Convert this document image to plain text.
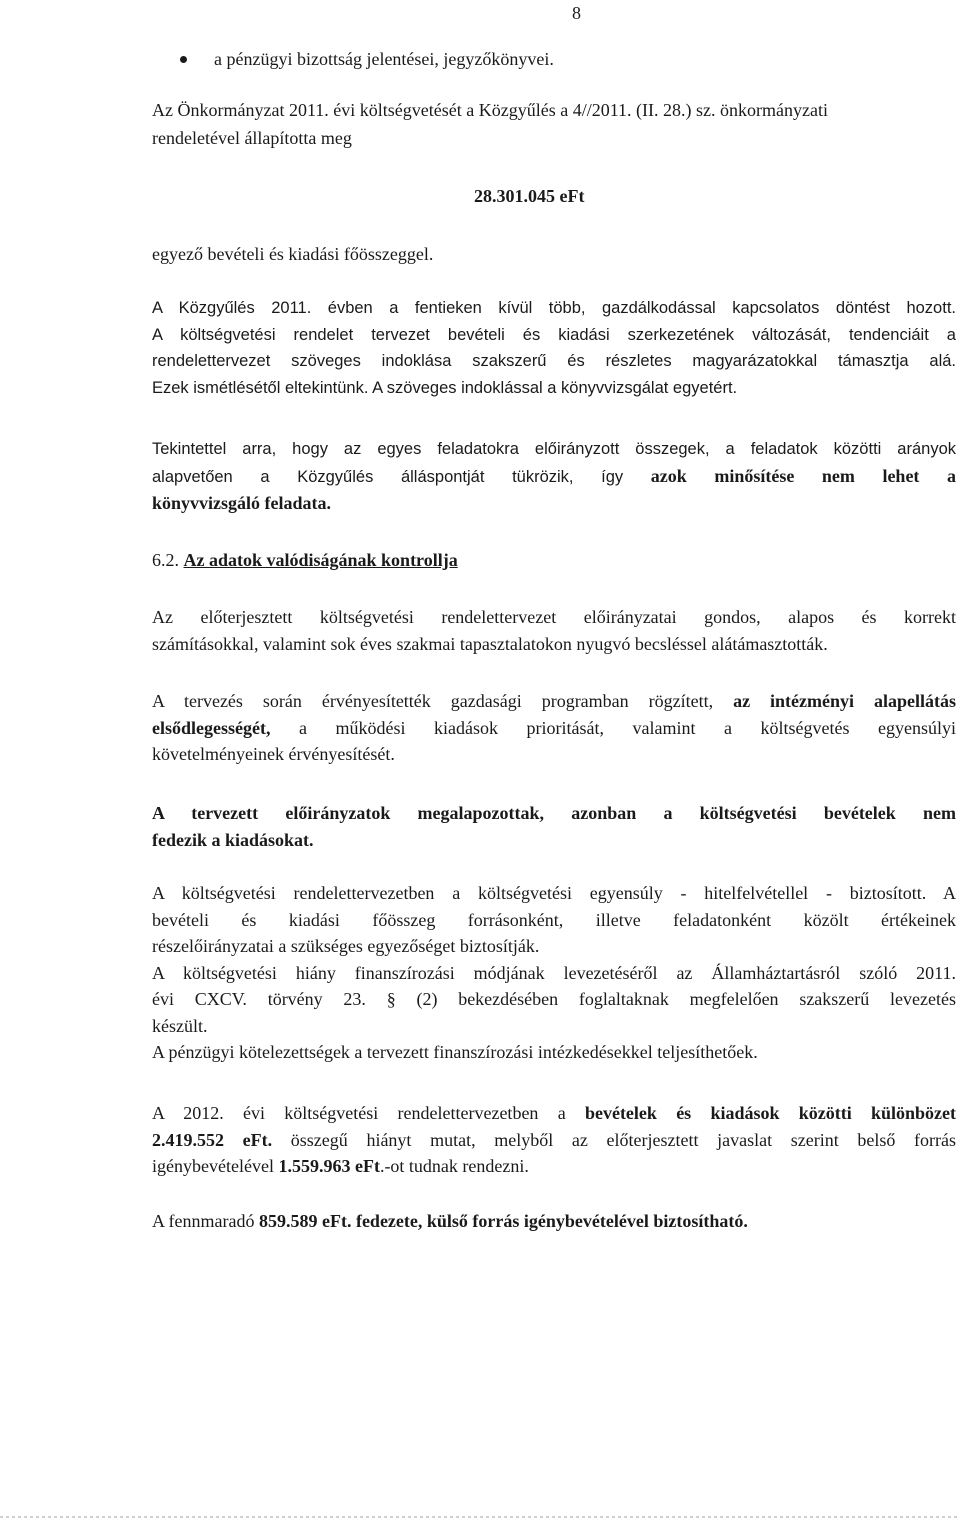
8
a pénzügyi bizottság jelentései, jegyzőkönyvei.
Az Önkormányzat 2011. évi költségvetését a Közgyűlés a 4//2011. (II. 28.) sz. önkormányzati
rendeletével állapította meg
28.301.045 eFt
egyező bevételi és kiadási főösszeggel.
A Közgyűlés 2011. évben a fentieken kívül több, gazdálkodással kapcsolatos döntést hozott.
A költségvetési rendelet tervezet bevételi és kiadási szerkezetének változását, tendenciáit a
rendelettervezet szöveges indoklása szakszerű és részletes magyarázatokkal támasztja alá.
Ezek ismétlésétől eltekintünk. A szöveges indoklással a könyvvizsgálat egyetért.
Tekintettel arra, hogy az egyes feladatokra előirányzott összegek, a feladatok közötti arányok
alapvetően a Közgyűlés álláspontját tükrözik, így azok minősítése nem lehet a
könyvvizsgáló feladata.
6.2. Az adatok valódiságának kontrollja
Az előterjesztett költségvetési rendelettervezet előirányzatai gondos, alapos és korrekt
számításokkal, valamint sok éves szakmai tapasztalatokon nyugvó becsléssel alátámasztották.
A tervezés során érvényesítették gazdasági programban rögzített, az intézményi alapellátás
elsődlegességét, a működési kiadások prioritását, valamint a költségvetés egyensúlyi
követelményeinek érvényesítését.
A tervezett előirányzatok megalapozottak, azonban a költségvetési bevételek nem
fedezik a kiadásokat.
A költségvetési rendelettervezetben a költségvetési egyensúly - hitelfelvétellel - biztosított. A
bevételi és kiadási főösszeg forrásonként, illetve feladatonként közölt értékeinek
részelőirányzatai a szükséges egyezőséget biztosítják.
A költségvetési hiány finanszírozási módjának levezetéséről az Államháztartásról szóló 2011.
évi CXCV. törvény 23. § (2) bekezdésében foglaltaknak megfelelően szakszerű levezetés
készült.
A pénzügyi kötelezettségek a tervezett finanszírozási intézkedésekkel teljesíthetőek.
A 2012. évi költségvetési rendelettervezetben a bevételek és kiadások közötti különbözet
2.419.552 eFt. összegű hiányt mutat, melyből az előterjesztett javaslat szerint belső forrás
igénybevételével 1.559.963 eFt.-ot tudnak rendezni.
A fennmaradó 859.589 eFt. fedezete, külső forrás igénybevételével biztosítható.
